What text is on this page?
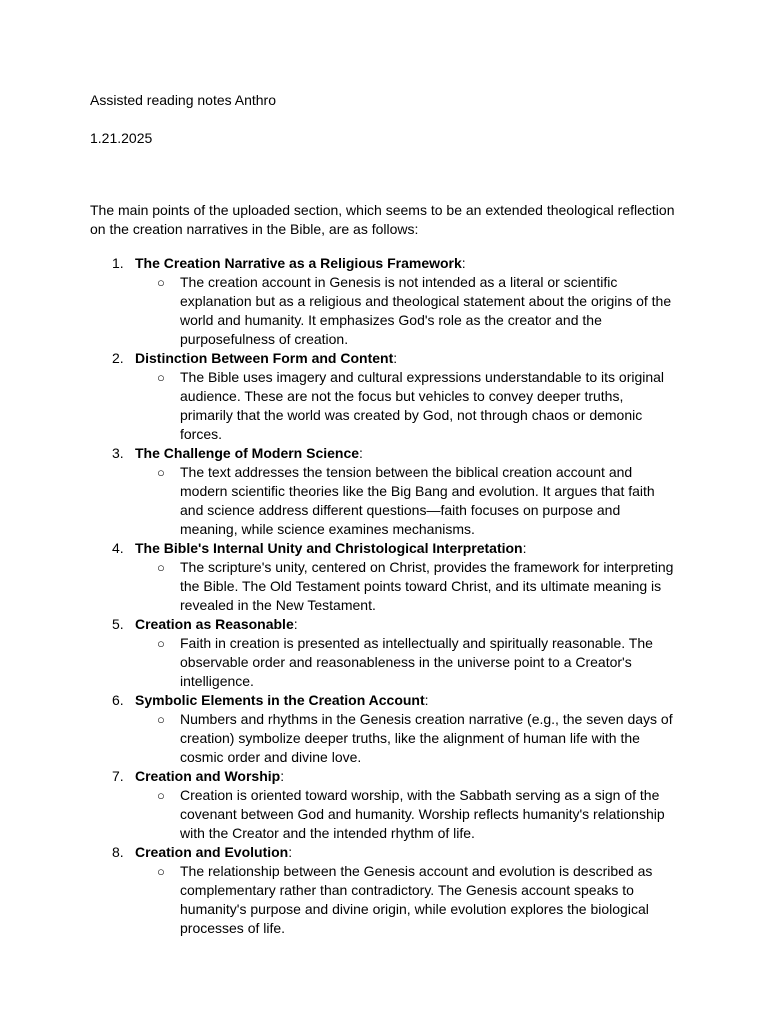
Assisted reading notes Anthro

1.21.2025

The main points of the uploaded section, which seems to be an extended theological reflection on the creation narratives in the Bible, are as follows:

1. The Creation Narrative as a Religious Framework:
○ The creation account in Genesis is not intended as a literal or scientific explanation but as a religious and theological statement about the origins of the world and humanity. It emphasizes God's role as the creator and the purposefulness of creation.
2. Distinction Between Form and Content:
○ The Bible uses imagery and cultural expressions understandable to its original audience. These are not the focus but vehicles to convey deeper truths, primarily that the world was created by God, not through chaos or demonic forces.
3. The Challenge of Modern Science:
○ The text addresses the tension between the biblical creation account and modern scientific theories like the Big Bang and evolution. It argues that faith and science address different questions—faith focuses on purpose and meaning, while science examines mechanisms.
4. The Bible's Internal Unity and Christological Interpretation:
○ The scripture's unity, centered on Christ, provides the framework for interpreting the Bible. The Old Testament points toward Christ, and its ultimate meaning is revealed in the New Testament.
5. Creation as Reasonable:
○ Faith in creation is presented as intellectually and spiritually reasonable. The observable order and reasonableness in the universe point to a Creator's intelligence.
6. Symbolic Elements in the Creation Account:
○ Numbers and rhythms in the Genesis creation narrative (e.g., the seven days of creation) symbolize deeper truths, like the alignment of human life with the cosmic order and divine love.
7. Creation and Worship:
○ Creation is oriented toward worship, with the Sabbath serving as a sign of the covenant between God and humanity. Worship reflects humanity's relationship with the Creator and the intended rhythm of life.
8. Creation and Evolution:
○ The relationship between the Genesis account and evolution is described as complementary rather than contradictory. The Genesis account speaks to humanity's purpose and divine origin, while evolution explores the biological processes of life.
